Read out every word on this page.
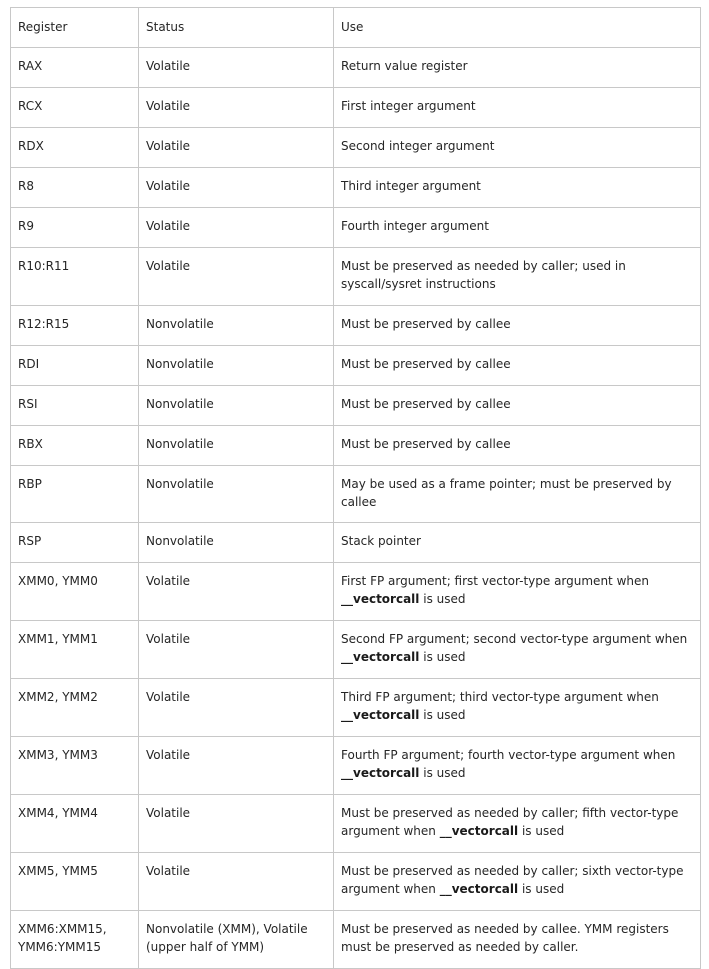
Register	Status	Use
RAX	Volatile	Return value register
RCX	Volatile	First integer argument
RDX	Volatile	Second integer argument
R8	Volatile	Third integer argument
R9	Volatile	Fourth integer argument
R10:R11	Volatile	Must be preserved as needed by caller; used in syscall/sysret instructions
R12:R15	Nonvolatile	Must be preserved by callee
RDI	Nonvolatile	Must be preserved by callee
RSI	Nonvolatile	Must be preserved by callee
RBX	Nonvolatile	Must be preserved by callee
RBP	Nonvolatile	May be used as a frame pointer; must be preserved by callee
RSP	Nonvolatile	Stack pointer
XMM0, YMM0	Volatile	First FP argument; first vector-type argument when __vectorcall is used
XMM1, YMM1	Volatile	Second FP argument; second vector-type argument when __vectorcall is used
XMM2, YMM2	Volatile	Third FP argument; third vector-type argument when __vectorcall is used
XMM3, YMM3	Volatile	Fourth FP argument; fourth vector-type argument when __vectorcall is used
XMM4, YMM4	Volatile	Must be preserved as needed by caller; fifth vector-type argument when __vectorcall is used
XMM5, YMM5	Volatile	Must be preserved as needed by caller; sixth vector-type argument when __vectorcall is used
XMM6:XMM15, YMM6:YMM15	Nonvolatile (XMM), Volatile (upper half of YMM)	Must be preserved as needed by callee. YMM registers must be preserved as needed by caller.
